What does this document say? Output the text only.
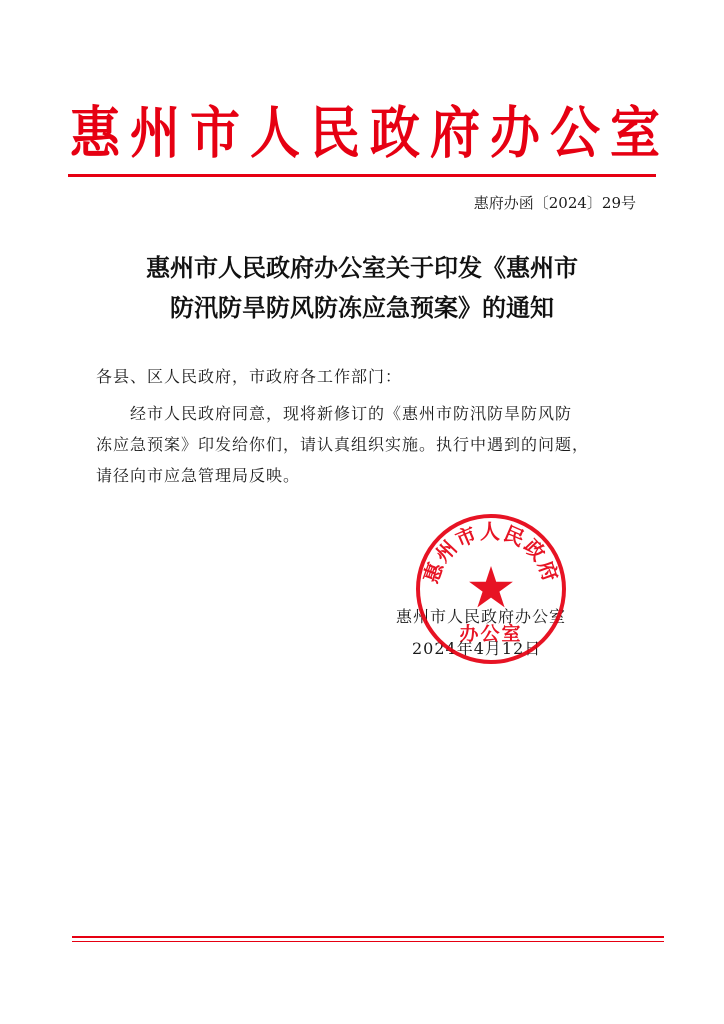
惠州市人民政府办公室
惠府办函〔2024〕29号
惠州市人民政府办公室关于印发《惠州市
防汛防旱防风防冻应急预案》的通知
各县、区人民政府，市政府各工作部门：
经市人民政府同意，现将新修订的《惠州市防汛防旱防风防
冻应急预案》印发给你们，请认真组织实施。执行中遇到的问题，
请径向市应急管理局反映。
惠州市人民政府办公室
2024年4月12日
惠州市人民政府
办公室
